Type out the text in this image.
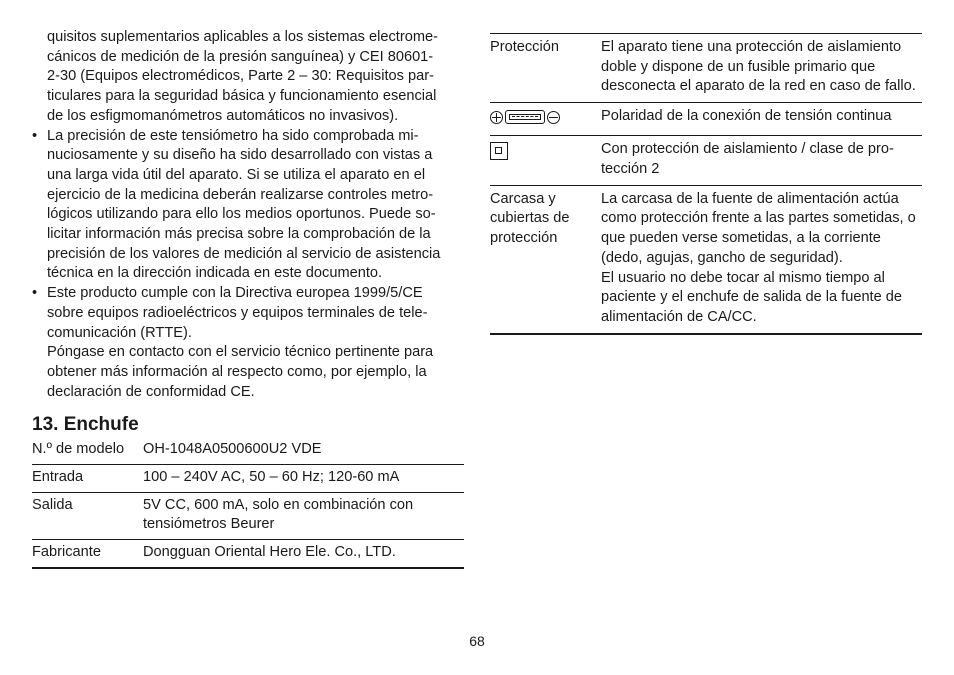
quisitos suplementarios aplicables a los sistemas electrome-
cánicos de medición de la presión sanguínea) y CEI 80601-
2-30 (Equipos electromédicos, Parte 2 – 30: Requisitos par-
ticulares para la seguridad básica y funcionamiento esencial
de los esfigmomanómetros automáticos no invasivos).
• La precisión de este tensiómetro ha sido comprobada mi-
nuciosamente y su diseño ha sido desarrollado con vistas a
una larga vida útil del aparato. Si se utiliza el aparato en el
ejercicio de la medicina deberán realizarse controles metro-
lógicos utilizando para ello los medios oportunos. Puede so-
licitar información más precisa sobre la comprobación de la
precisión de los valores de medición al servicio de asistencia
técnica en la dirección indicada en este documento.
• Este producto cumple con la Directiva europea 1999/5/CE
sobre equipos radioeléctricos y equipos terminales de tele-
comunicación (RTTE).
Póngase en contacto con el servicio técnico pertinente para
obtener más información al respecto como, por ejemplo, la
declaración de conformidad CE.
13. Enchufe
N.º de modelo	OH-1048A0500600U2 VDE
Entrada	100 – 240V AC, 50 – 60 Hz; 120-60 mA
Salida	5V CC, 600 mA, solo en combinación con tensiómetros Beurer
Fabricante	Dongguan Oriental Hero Ele. Co., LTD.
Protección	El aparato tiene una protección de aislamiento doble y dispone de un fusible primario que desconecta el aparato de la red en caso de fallo.

	Polaridad de la conexión de tensión continua

	Con protección de aislamiento / clase de pro-tección 2
Carcasa y cubiertas de protección	La carcasa de la fuente de alimentación actúa como protección frente a las partes sometidas, o que pueden verse sometidas, a la corriente (dedo, agujas, gancho de seguridad).
El usuario no debe tocar al mismo tiempo al paciente y el enchufe de salida de la fuente de alimentación de CA/CC.
68
